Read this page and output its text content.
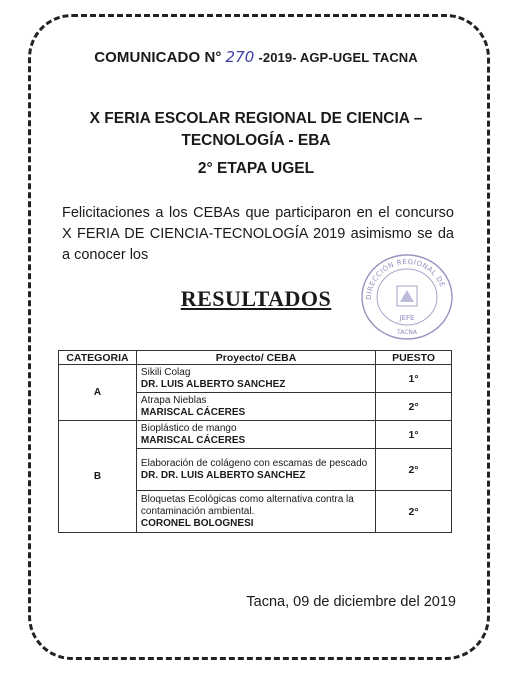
COMUNICADO N° 270 -2019- AGP-UGEL TACNA
X FERIA ESCOLAR REGIONAL DE CIENCIA –
TECNOLOGÍA - EBA
2° ETAPA UGEL
Felicitaciones a los CEBAs que participaron en el concurso X FERIA DE CIENCIA-TECNOLOGÍA 2019 asimismo se da a conocer los
RESULTADOS	DIRECCIÓN REGIONAL DE
JEFE
TACNA
CATEGORIA	Proyecto/ CEBA	PUESTO
A	Sikili Colag
DR. LUIS ALBERTO SANCHEZ	1°

	Atrapa Nieblas
MARISCAL CÁCERES	2°
B	Bioplástico de mango
MARISCAL CÁCERES	1°

	Elaboración de colágeno con escamas de pescado
DR. DR. LUIS ALBERTO SANCHEZ	2°

	Bloquetas Ecológicas como alternativa contra la contaminación ambiental.
CORONEL BOLOGNESI	2°
Tacna, 09 de diciembre del 2019
